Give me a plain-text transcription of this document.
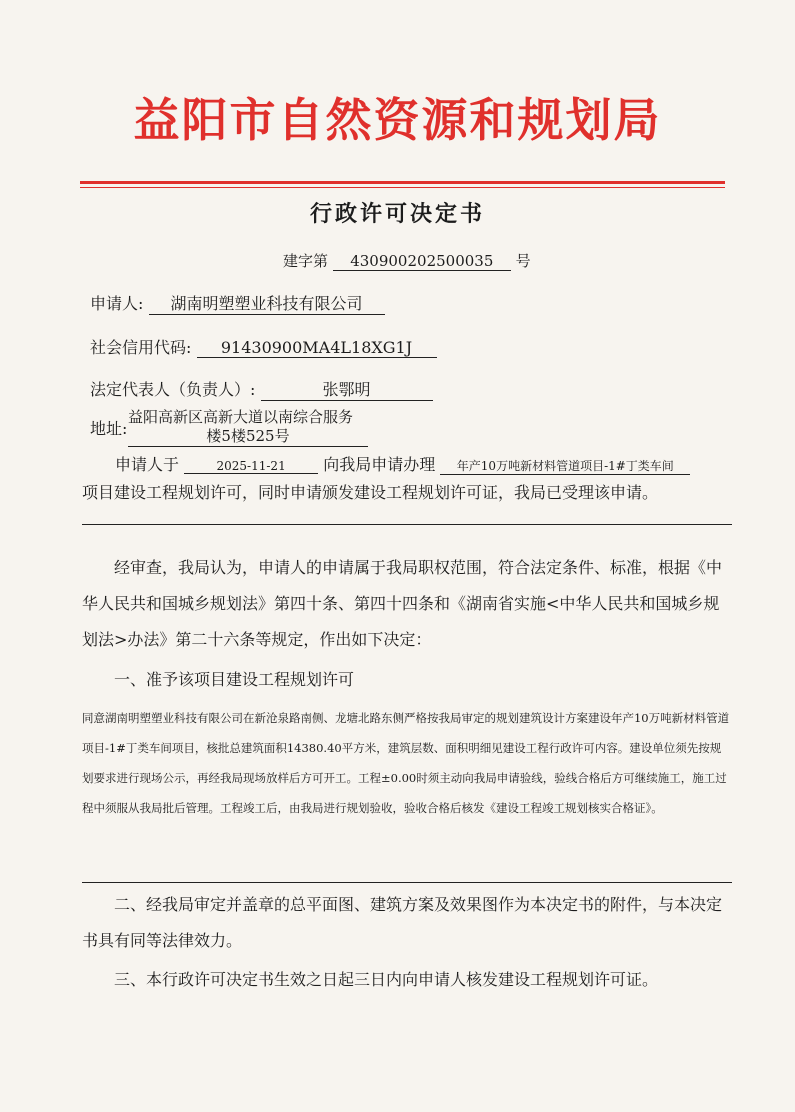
益阳市自然资源和规划局
行政许可决定书
建字第 430900202500035 号
申请人: 湖南明塑塑业科技有限公司
社会信用代码: 91430900MA4L18XG1J
法定代表人（负责人）:	张鄂明
地址:
益阳高新区高新大道以南综合服务
楼5楼525号
申请人于	2025-11-21 向我局申请办理 年产10万吨新材料管道项目-1#丁类车间
项目建设工程规划许可，同时申请颁发建设工程规划许可证，我局已受理该申请。
经审查，我局认为，申请人的申请属于我局职权范围，符合法定条件、标准，根据《中华人民共和国城乡规划法》第四十条、第四十四条和《湖南省实施<中华人民共和国城乡规划法>办法》第二十六条等规定，作出如下决定：
一、准予该项目建设工程规划许可
同意湖南明塑塑业科技有限公司在新沧泉路南侧、龙塘北路东侧严格按我局审定的规划建筑设计方案建设年产10万吨新材料管道项目-1#丁类车间项目，核批总建筑面积14380.40平方米，建筑层数、面积明细见建设工程行政许可内容。建设单位须先按规划要求进行现场公示，再经我局现场放样后方可开工。工程±0.00时须主动向我局申请验线，验线合格后方可继续施工，施工过程中须服从我局批后管理。工程竣工后，由我局进行规划验收，验收合格后核发《建设工程竣工规划核实合格证》。
二、经我局审定并盖章的总平面图、建筑方案及效果图作为本决定书的附件，与本决定书具有同等法律效力。
三、本行政许可决定书生效之日起三日内向申请人核发建设工程规划许可证。
